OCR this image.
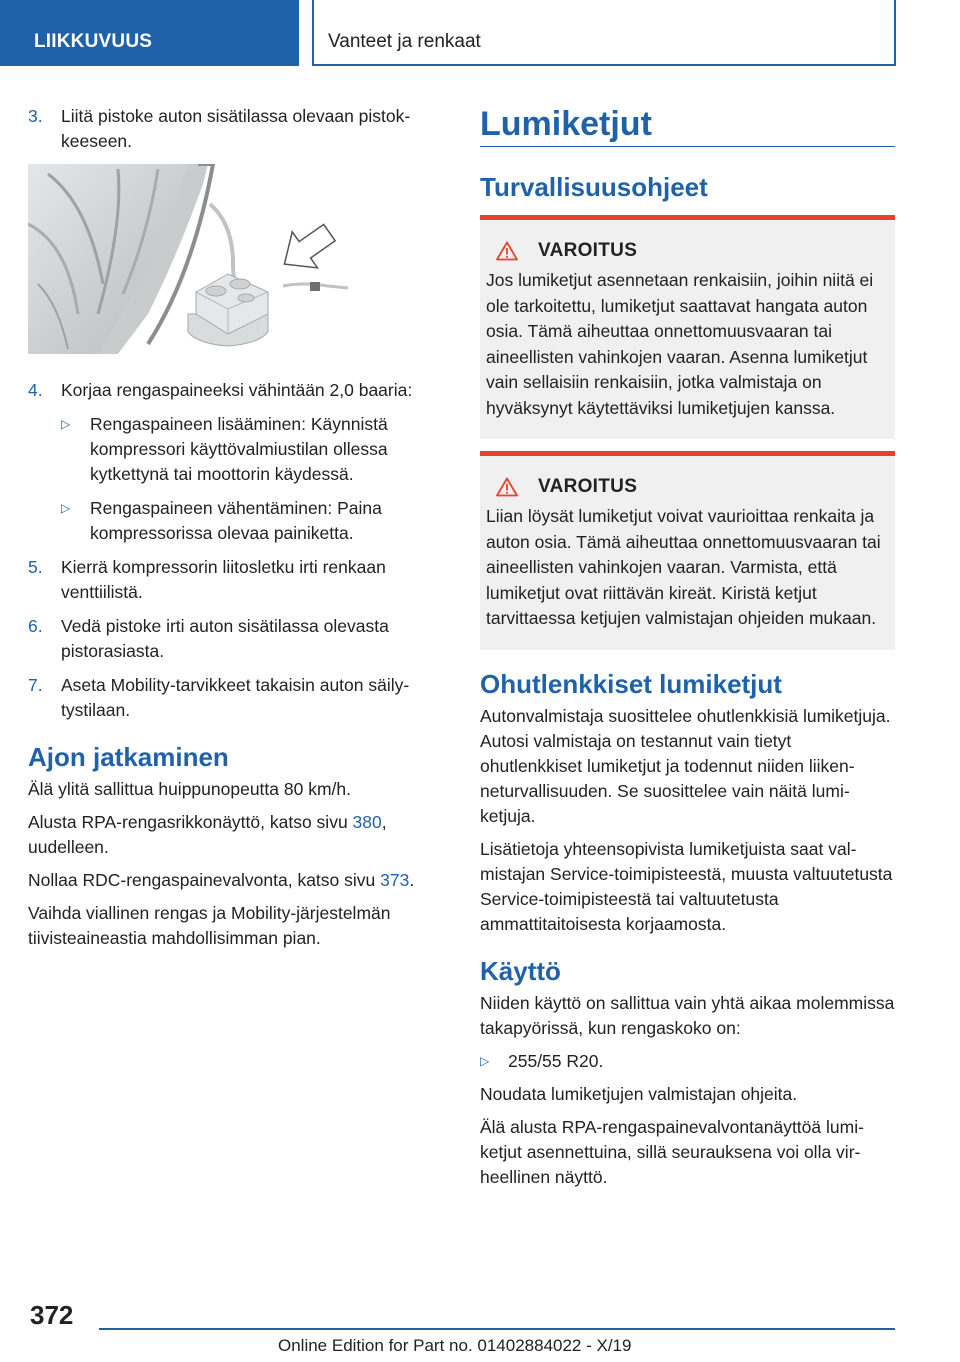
LIIKKUVUUS	Vanteet ja renkaat
3.	Liitä pistoke auton sisätilassa olevaan pistokkeeseen.
4.	Korjaa rengaspaineeksi vähintään 2,0 baaria:
▷	Rengaspaineen lisääminen: Käynnistä kompressori käyttövalmiustilan ollessa kytkettynä tai moottorin käydessä.
▷	Rengaspaineen vähentäminen: Paina kompressorissa olevaa painiketta.
5.	Kierrä kompressorin liitosletku irti renkaan venttiilistä.
6.	Vedä pistoke irti auton sisätilassa olevasta pistorasiasta.
7.	Aseta Mobility-tarvikkeet takaisin auton säilytystilaan.
Ajon jatkaminen

Älä ylitä sallittua huippunopeutta 80 km/h.

Alusta RPA-rengasrikkonäyttö, katso sivu 380, uudelleen.

Nollaa RDC-rengaspainevalvonta, katso sivu 373.

Vaihda viallinen rengas ja Mobility-järjestelmän tiivisteaineastia mahdollisimman pian.

Lumiketjut
Turvallisuusohjeet
VAROITUS

Jos lumiketjut asennetaan renkaisiin, joihin niitä ei ole tarkoitettu, lumiketjut saattavat hangata auton osia. Tämä aiheuttaa onnettomuusvaaran tai aineellisten vahinkojen vaaran. Asenna lumiketjut vain sellaisiin renkaisiin, jotka valmistaja on hyväksynyt käytettäviksi lumiketjujen kanssa.

VAROITUS

Liian löysät lumiketjut voivat vaurioittaa renkaita ja auton osia. Tämä aiheuttaa onnettomuusvaaran tai aineellisten vahinkojen vaaran. Varmista, että lumiketjut ovat riittävän kireät. Kiristä ketjut tarvittaessa ketjujen valmistajan ohjeiden mukaan.

Ohutlenkkiset lumiketjut

Autonvalmistaja suosittelee ohutlenkkisiä lumiketjuja. Autosi valmistaja on testannut vain tietyt ohutlenkkiset lumiketjut ja todennut niiden liikenneturvallisuuden. Se suosittelee vain näitä lumiketjuja.

Lisätietoja yhteensopivista lumiketjuista saat valmistajan Service-toimipisteestä, muusta valtuutetusta Service-toimipisteestä tai valtuutetusta ammattitaitoisesta korjaamosta.

Käyttö

Niiden käyttö on sallittua vain yhtä aikaa molemmissa takapyörissä, kun rengaskoko on:

▷	255/55 R20.

Noudata lumiketjujen valmistajan ohjeita.

Älä alusta RPA-rengaspainevalvontanäyttöä lumiketjut asennettuina, sillä seurauksena voi olla virheellinen näyttö.

372
Online Edition for Part no. 01402884022 - X/19
